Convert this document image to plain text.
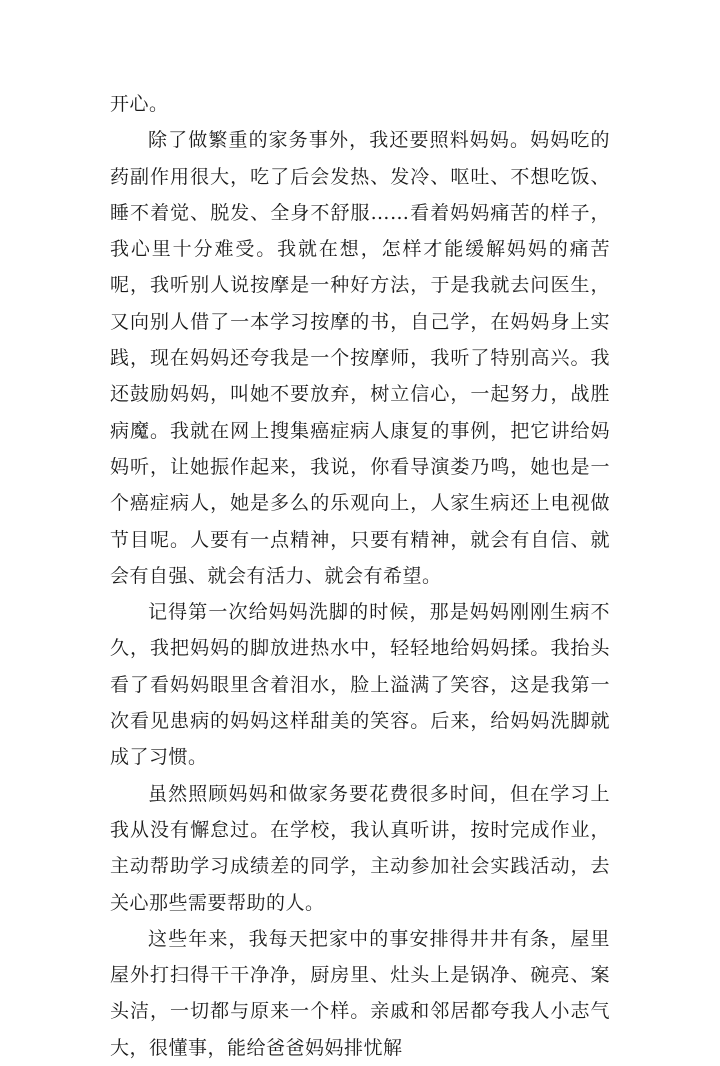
开心。

除了做繁重的家务事外，我还要照料妈妈。妈妈吃的药副作用很大，吃了后会发热、发冷、呕吐、不想吃饭、睡不着觉、脱发、全身不舒服……看着妈妈痛苦的样子，我心里十分难受。我就在想，怎样才能缓解妈妈的痛苦呢，我听别人说按摩是一种好方法，于是我就去问医生，又向别人借了一本学习按摩的书，自己学，在妈妈身上实践，现在妈妈还夸我是一个按摩师，我听了特别高兴。我还鼓励妈妈，叫她不要放弃，树立信心，一起努力，战胜病魔。我就在网上搜集癌症病人康复的事例，把它讲给妈妈听，让她振作起来，我说，你看导演娄乃鸣，她也是一个癌症病人，她是多么的乐观向上，人家生病还上电视做节目呢。人要有一点精神，只要有精神，就会有自信、就会有自强、就会有活力、就会有希望。

记得第一次给妈妈洗脚的时候，那是妈妈刚刚生病不久，我把妈妈的脚放进热水中，轻轻地给妈妈揉。我抬头看了看妈妈眼里含着泪水，脸上溢满了笑容，这是我第一次看见患病的妈妈这样甜美的笑容。后来，给妈妈洗脚就成了习惯。

虽然照顾妈妈和做家务要花费很多时间，但在学习上我从没有懈怠过。在学校，我认真听讲，按时完成作业，主动帮助学习成绩差的同学，主动参加社会实践活动，去关心那些需要帮助的人。

这些年来，我每天把家中的事安排得井井有条，屋里屋外打扫得干干净净，厨房里、灶头上是锅净、碗亮、案头洁，一切都与原来一个样。亲戚和邻居都夸我人小志气大，很懂事，能给爸爸妈妈排忧解
